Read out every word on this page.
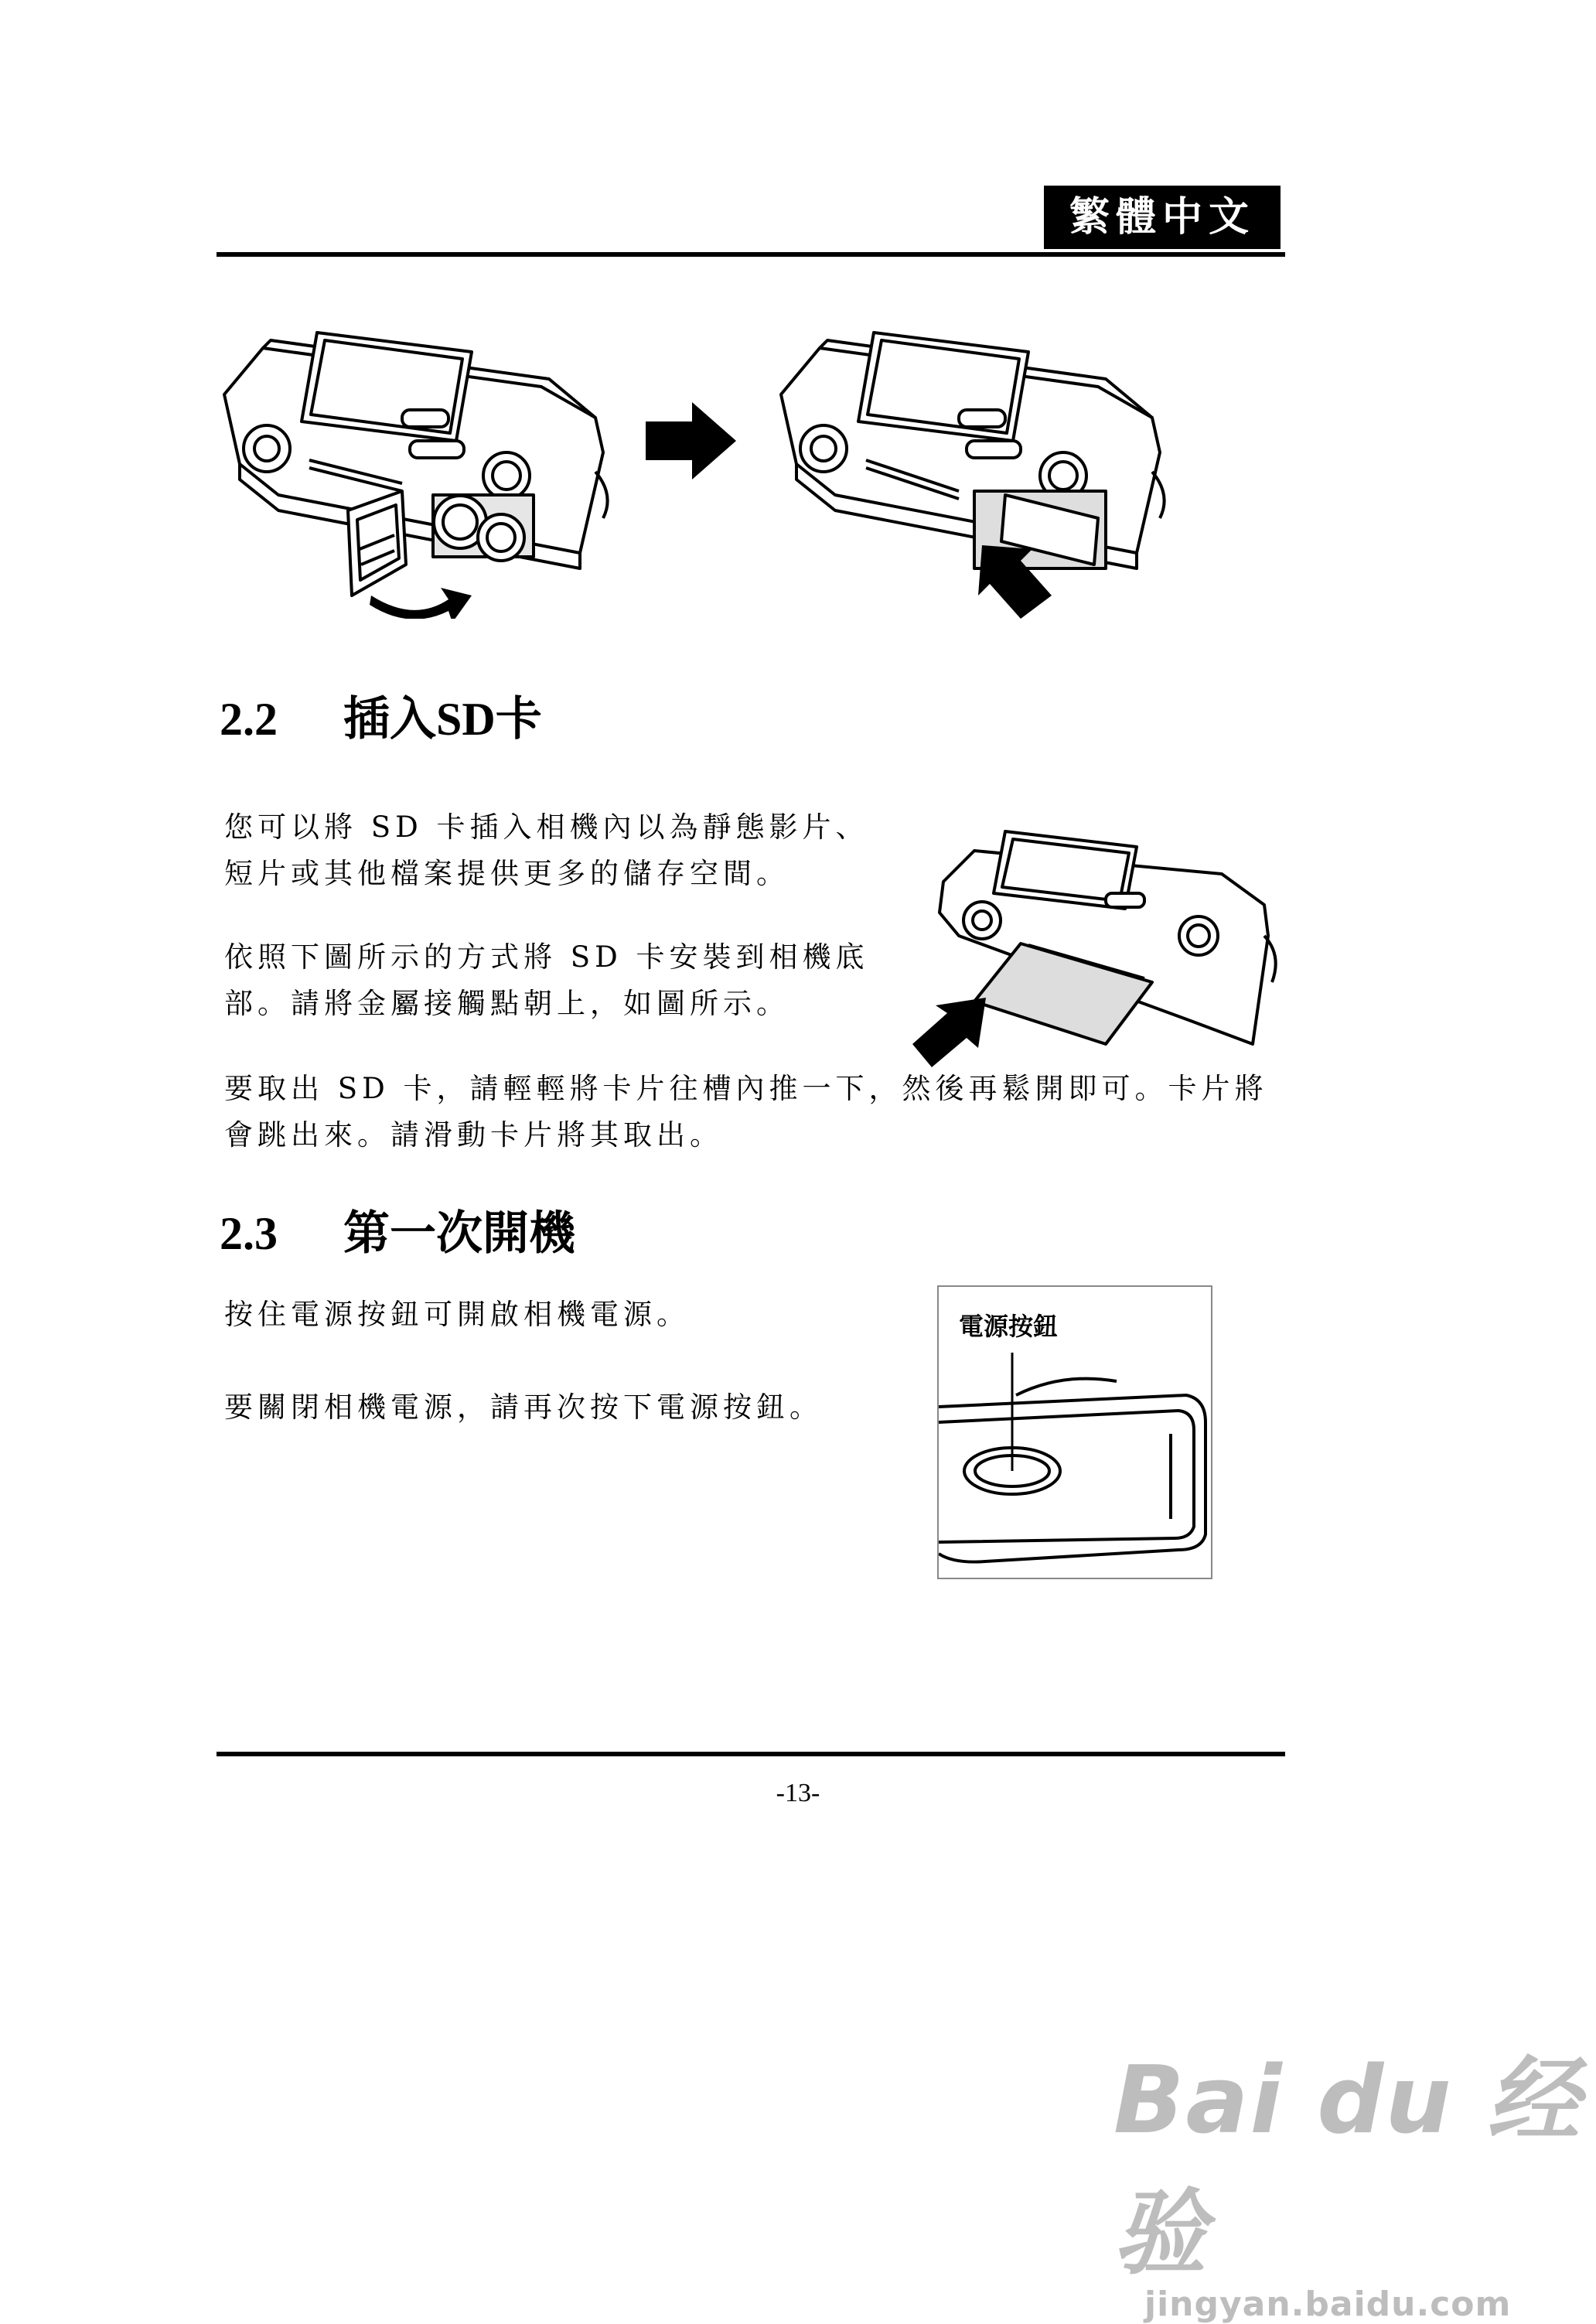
繁體中文
2.2 插入SD卡
您可以將 SD 卡插入相機內以為靜態影片、短片或其他檔案提供更多的儲存空間。
依照下圖所示的方式將 SD 卡安裝到相機底部。請將金屬接觸點朝上，如圖所示。
要取出 SD 卡，請輕輕將卡片往槽內推一下，然後再鬆開即可。卡片將會跳出來。請滑動卡片將其取出。
2.3 第一次開機
按住電源按鈕可開啟相機電源。
要關閉相機電源，請再次按下電源按鈕。
電源按鈕
-13-
Bai du 经验
jingyan.baidu.com
